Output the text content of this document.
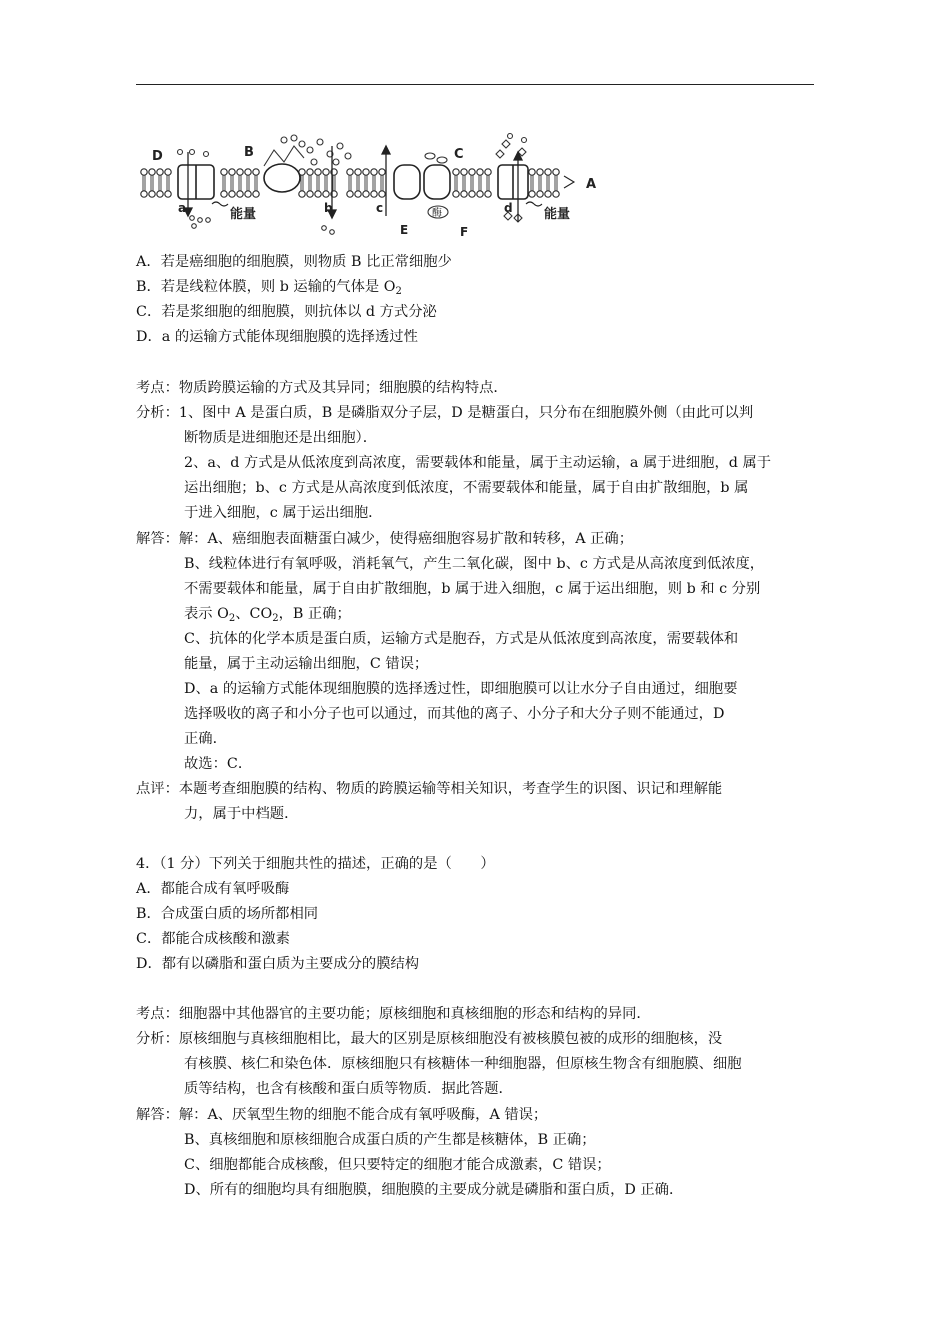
D	B	C
A
a	b	c	d
E	F
酶
能量	能量
A．若是癌细胞的细胞膜，则物质 B 比正常细胞少
B．若是线粒体膜，则 b 运输的气体是 $O_2$
C．若是浆细胞的细胞膜，则抗体以 d 方式分泌
D．a 的运输方式能体现细胞膜的选择透过性
考点：物质跨膜运输的方式及其异同；细胞膜的结构特点．
分析：1、图中 A 是蛋白质，B 是磷脂双分子层，D 是糖蛋白，只分布在细胞膜外侧（由此可以判
断物质是进细胞还是出细胞）．
2、a、d 方式是从低浓度到高浓度，需要载体和能量，属于主动运输，a 属于进细胞，d 属于
运出细胞；b、c 方式是从高浓度到低浓度，不需要载体和能量，属于自由扩散细胞，b 属
于进入细胞，c 属于运出细胞．
解答：解：A、癌细胞表面糖蛋白减少，使得癌细胞容易扩散和转移，A 正确；
B、线粒体进行有氧呼吸，消耗氧气，产生二氧化碳，图中 b、c 方式是从高浓度到低浓度，
不需要载体和能量，属于自由扩散细胞，b 属于进入细胞，c 属于运出细胞，则 b 和 c 分别
表示 $O_2$、$CO_2$，B 正确；
C、抗体的化学本质是蛋白质，运输方式是胞吞，方式是从低浓度到高浓度，需要载体和
能量，属于主动运输出细胞，C 错误；
D、a 的运输方式能体现细胞膜的选择透过性，即细胞膜可以让水分子自由通过，细胞要
选择吸收的离子和小分子也可以通过，而其他的离子、小分子和大分子则不能通过，D
正确．
故选：C．
点评：本题考查细胞膜的结构、物质的跨膜运输等相关知识，考查学生的识图、识记和理解能
力，属于中档题．
4．（1 分）下列关于细胞共性的描述，正确的是（　　）
A．都能合成有氧呼吸酶
B．合成蛋白质的场所都相同
C．都能合成核酸和激素
D．都有以磷脂和蛋白质为主要成分的膜结构
考点：细胞器中其他器官的主要功能；原核细胞和真核细胞的形态和结构的异同．
分析：原核细胞与真核细胞相比，最大的区别是原核细胞没有被核膜包被的成形的细胞核，没
有核膜、核仁和染色体．原核细胞只有核糖体一种细胞器，但原核生物含有细胞膜、细胞
质等结构，也含有核酸和蛋白质等物质．据此答题．
解答：解：A、厌氧型生物的细胞不能合成有氧呼吸酶，A 错误；
B、真核细胞和原核细胞合成蛋白质的产生都是核糖体，B 正确；
C、细胞都能合成核酸，但只要特定的细胞才能合成激素，C 错误；
D、所有的细胞均具有细胞膜，细胞膜的主要成分就是磷脂和蛋白质，D 正确．
